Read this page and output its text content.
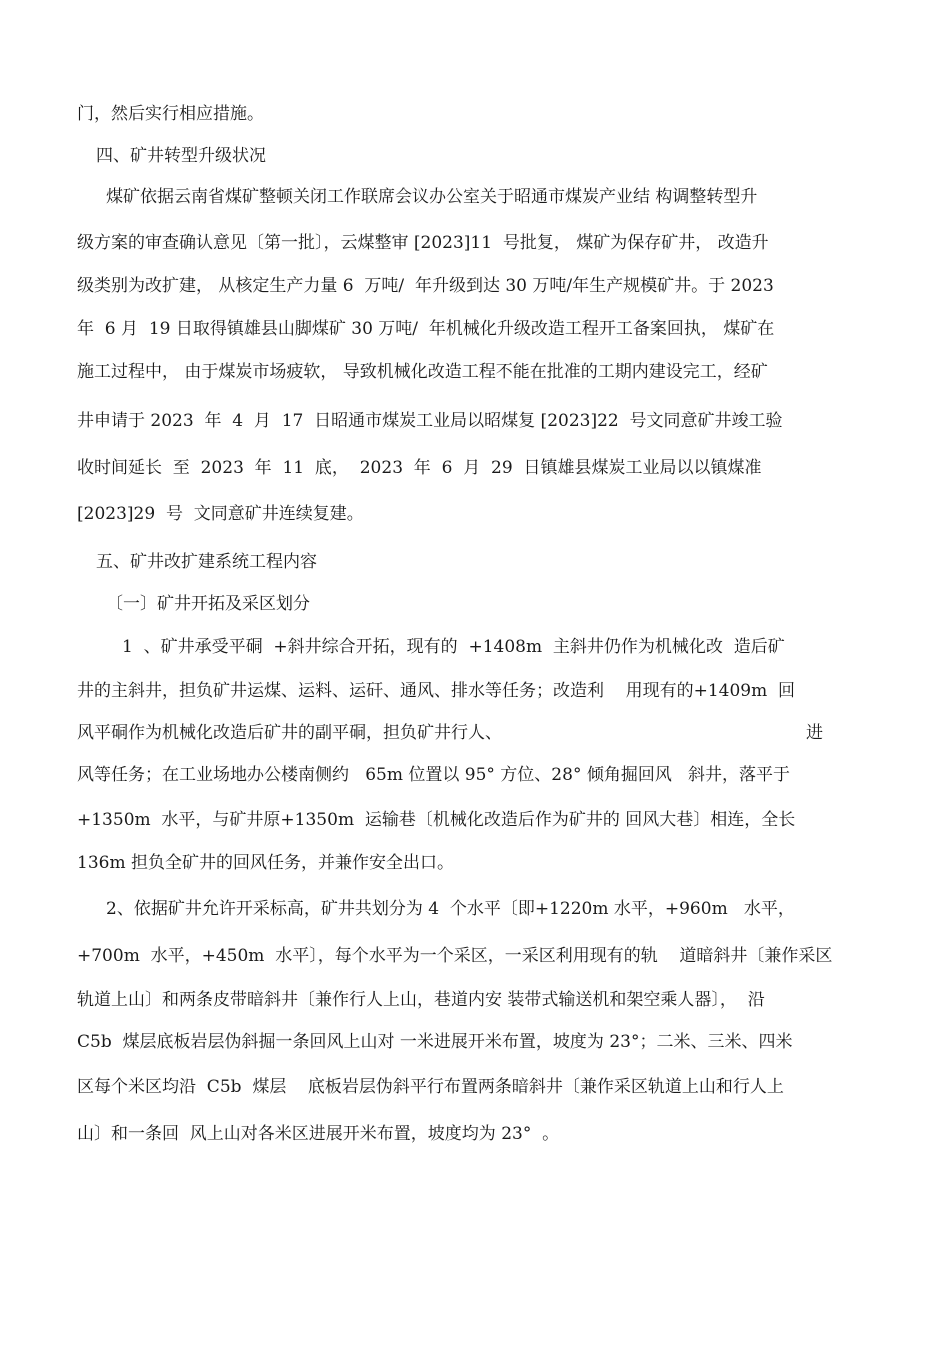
门，然后实行相应措施。
四、矿井转型升级状况
煤矿依据云南省煤矿整顿关闭工作联席会议办公室关于昭通市煤炭产业结 构调整转型升
级方案的审查确认意见〔第一批〕，云煤整审 [2023]11  号批复， 煤矿为保存矿井， 改造升
级类别为改扩建， 从核定生产力量 6  万吨/  年升级到达 30 万吨/年生产规模矿井。于 2023
年  6 月  19 日取得镇雄县山脚煤矿 30 万吨/  年机械化升级改造工程开工备案回执， 煤矿在
施工过程中， 由于煤炭市场疲软， 导致机械化改造工程不能在批准的工期内建设完工，经矿
井申请于 2023  年  4  月  17  日昭通市煤炭工业局以昭煤复 [2023]22  号文同意矿井竣工验
收时间延长  至  2023  年  11  底，  2023  年  6  月  29  日镇雄县煤炭工业局以以镇煤准
[2023]29  号  文同意矿井连续复建。
五、矿井改扩建系统工程内容
〔一〕矿井开拓及采区划分
1  、矿井承受平硐  +斜井综合开拓，现有的  +1408m  主斜井仍作为机械化改  造后矿
井的主斜井，担负矿井运煤、运料、运矸、通风、排水等任务；改造利    用现有的+1409m  回
风平硐作为机械化改造后矿井的副平硐，担负矿井行人、	进
风等任务；在工业场地办公楼南侧约   65m 位置以 95° 方位、28° 倾角掘回风   斜井，落平于
+1350m  水平，与矿井原+1350m  运输巷〔机械化改造后作为矿井的 回风大巷〕相连，全长
136m 担负全矿井的回风任务，并兼作安全出口。
2、依据矿井允许开采标高，矿井共划分为 4  个水平〔即+1220m 水平，+960m   水平，
+700m  水平，+450m  水平〕，每个水平为一个采区，一采区利用现有的轨    道暗斜井〔兼作采区
轨道上山〕和两条皮带暗斜井〔兼作行人上山，巷道内安 装带式输送机和架空乘人器〕，  沿
C5b  煤层底板岩层伪斜掘一条回风上山对 一米进展开米布置，坡度为 23°；二米、三米、四米
区每个米区均沿  C5b  煤层    底板岩层伪斜平行布置两条暗斜井〔兼作采区轨道上山和行人上
山〕和一条回  风上山对各米区进展开米布置，坡度均为 23°  。
